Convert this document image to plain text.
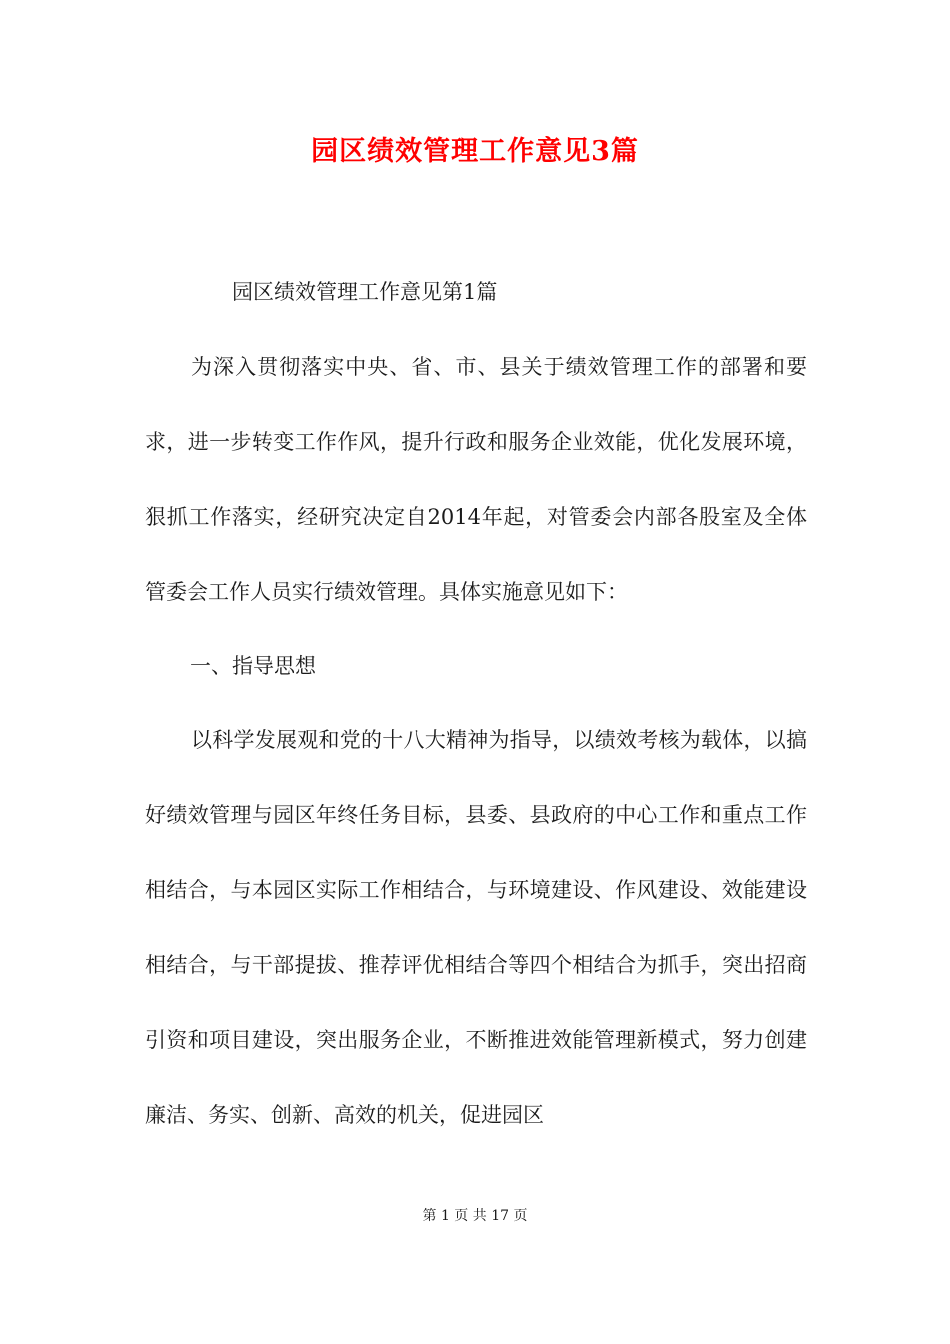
园区绩效管理工作意见3篇

园区绩效管理工作意见第1篇

为深入贯彻落实中央、省、市、县关于绩效管理工作的部署和要求，进一步转变工作作风，提升行政和服务企业效能，优化发展环境，狠抓工作落实，经研究决定自2014年起，对管委会内部各股室及全体管委会工作人员实行绩效管理。具体实施意见如下：

一、指导思想

以科学发展观和党的十八大精神为指导，以绩效考核为载体，以搞好绩效管理与园区年终任务目标，县委、县政府的中心工作和重点工作相结合，与本园区实际工作相结合，与环境建设、作风建设、效能建设相结合，与干部提拔、推荐评优相结合等四个相结合为抓手，突出招商引资和项目建设，突出服务企业，不断推进效能管理新模式，努力创建廉洁、务实、创新、高效的机关，促进园区

第 1 页 共 17 页
